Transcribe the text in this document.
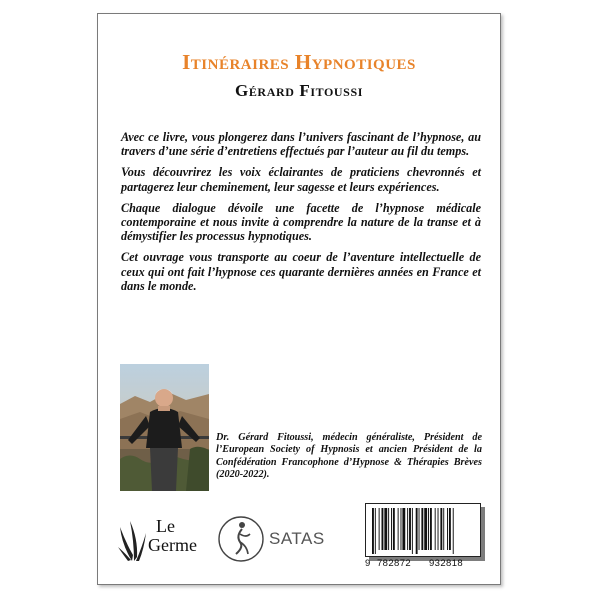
Itinéraires Hypnotiques
Gérard Fitoussi

Avec ce livre, vous plongerez dans l’univers fascinant de l’hypnose, au travers d’une série d’entretiens effectués par l’auteur au fil du temps.

Vous découvrirez les voix éclairantes de praticiens chevronnés et partagerez leur cheminement, leur sagesse et leurs expériences.

Chaque dialogue dévoile une facette de l’hypnose médicale contemporaine et nous invite à comprendre la nature de la transe et à démystifier les processus hypnotiques.

Cet ouvrage vous transporte au coeur de l’aventure intellectuelle de ceux qui ont fait l’hypnose ces quarante dernières années en France et dans le monde.

Dr. Gérard Fitoussi, médecin généraliste, Président de l’European Society of Hypnosis et ancien Président de la Confédération Francophone d’Hypnose & Thérapies Brèves (2020-2022).
Le
Germe	SATAS
9 782872 932818
